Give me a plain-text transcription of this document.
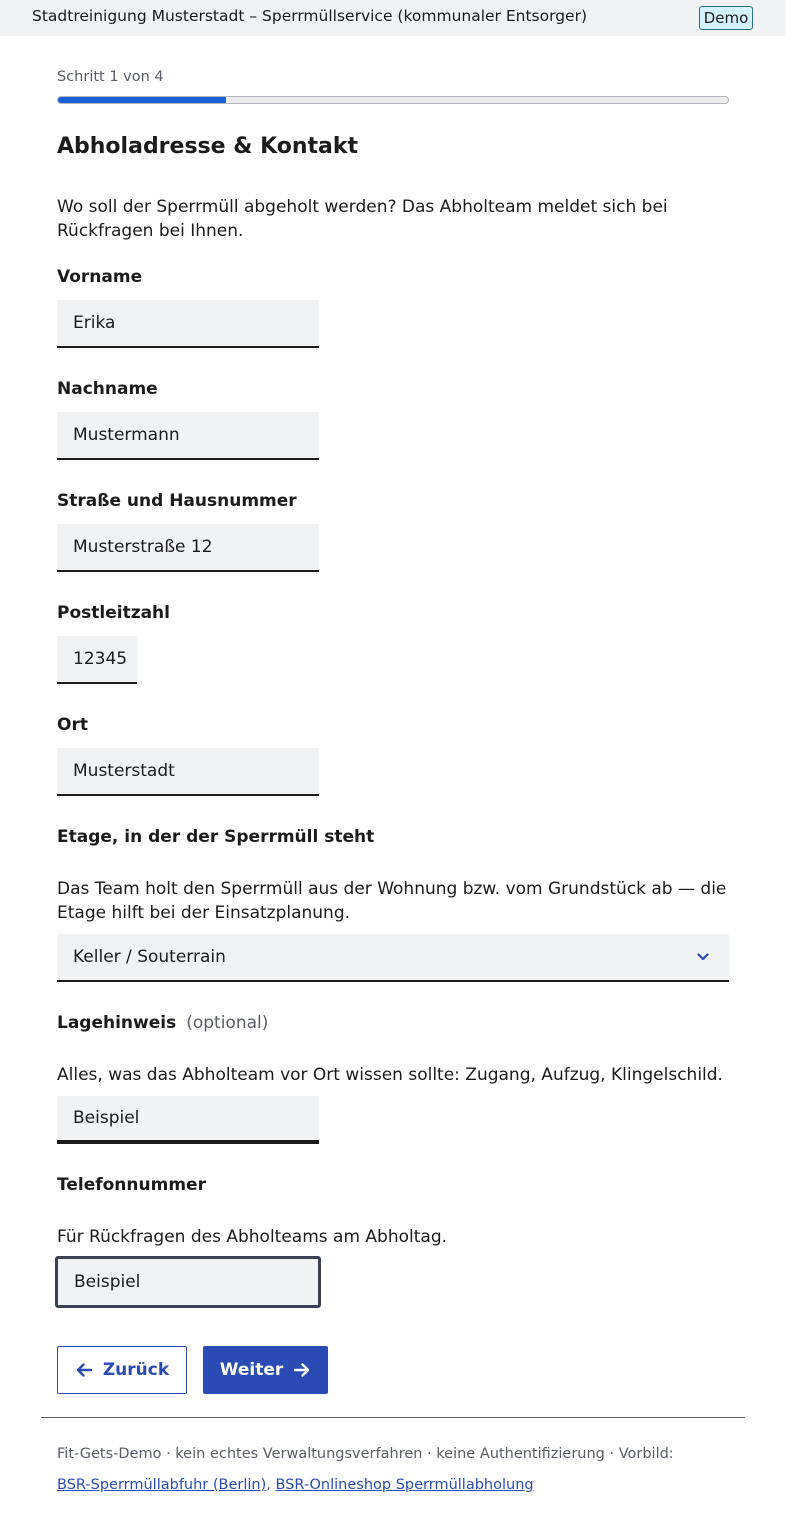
Stadtreinigung Musterstadt – Sperrmüllservice (kommunaler Entsorger)	Demo
Schritt 1 von 4
Abholadresse & Kontakt

Wo soll der Sperrmüll abgeholt werden? Das Abholteam meldet sich bei Rückfragen bei Ihnen.

Vorname
Erika
Nachname
Mustermann
Straße und Hausnummer
Musterstraße 12
Postleitzahl
12345
Ort
Musterstadt
Etage, in der der Sperrmüll steht

Das Team holt den Sperrmüll aus der Wohnung bzw. vom Grundstück ab — die Etage hilft bei der Einsatzplanung.

Keller / Souterrain
Lagehinweis (optional)

Alles, was das Abholteam vor Ort wissen sollte: Zugang, Aufzug, Klingelschild.

Beispiel
Telefonnummer

Für Rückfragen des Abholteams am Abholtag.

Beispiel
Zurück	Weiter

Fit-Gets-Demo · kein echtes Verwaltungsverfahren · keine Authentifizierung · Vorbild:

BSR-Sperrmüllabfuhr (Berlin), BSR-Onlineshop Sperrmüllabholung
